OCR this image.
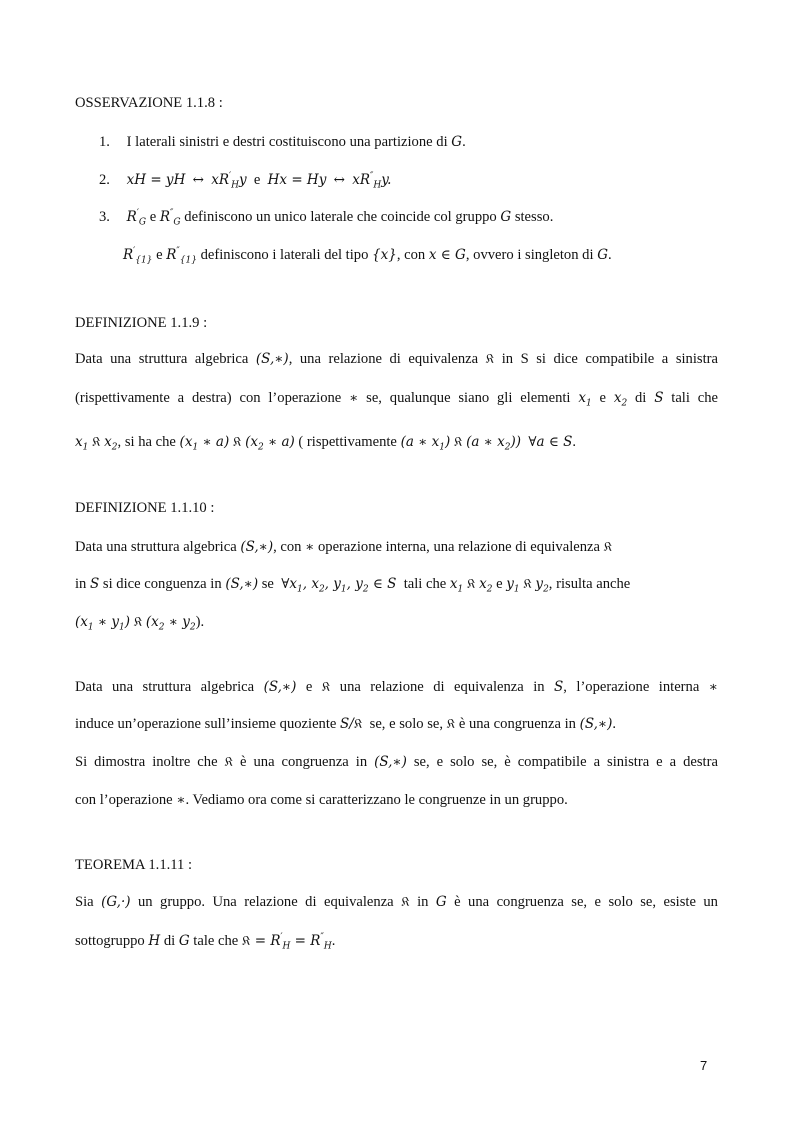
OSSERVAZIONE 1.1.8 :
1. I laterali sinistri e destri costituiscono una partizione di G.
2. xH = yH ↔ $xR'_Hy$ e Hx = Hy ↔ $xR''_Hy$.
3. $R'_G$ e $R''_G$ definiscono un unico laterale che coincide col gruppo G stesso.
$R'_{\{1\}}$ e $R''_{\{1\}}$ definiscono i laterali del tipo {x}, con x ∈ G, ovvero i singleton di G.
DEFINIZIONE 1.1.9 :
Data una struttura algebrica (S,∗), una relazione di equivalenza 𝔎 in S si dice compatibile a sinistra
(rispettivamente a destra) con l’operazione ∗ se, qualunque siano gli elementi $x_1$ e $x_2$ di S tali che
$x_1$ 𝔎 $x_2$, si ha che ($x_1$ ∗ a) 𝔎 ($x_2$ ∗ a) ( rispettivamente (a ∗ $x_1$) 𝔎 (a ∗ $x_2$)) ∀a ∈ S.
DEFINIZIONE 1.1.10 :
Data una struttura algebrica (S,∗), con ∗ operazione interna, una relazione di equivalenza 𝔎
in S si dice conguenza in (S,∗) se $\forall x_1$, $x_2$, $y_1$, $y_2$ ∈ S tali che $x_1$ 𝔎 $x_2$ e $y_1$ 𝔎 $y_2$, risulta anche
($x_1$ ∗ $y_1$) 𝔎 ($x_2$ ∗ $y_2$).
Data una struttura algebrica (S,∗) e 𝔎 una relazione di equivalenza in S, l’operazione interna ∗
induce un’operazione sull’insieme quoziente S/𝔎 se, e solo se, 𝔎 è una congruenza in (S,∗).
Si dimostra inoltre che 𝔎 è una congruenza in (S,∗) se, e solo se, è compatibile a sinistra e a destra
con l’operazione ∗. Vediamo ora come si caratterizzano le congruenze in un gruppo.
TEOREMA 1.1.11 :
Sia (G,·) un gruppo. Una relazione di equivalenza 𝔎 in G è una congruenza se, e solo se, esiste un
sottogruppo H di G tale che 𝔎 = $R'_H = R''_H$.
7
